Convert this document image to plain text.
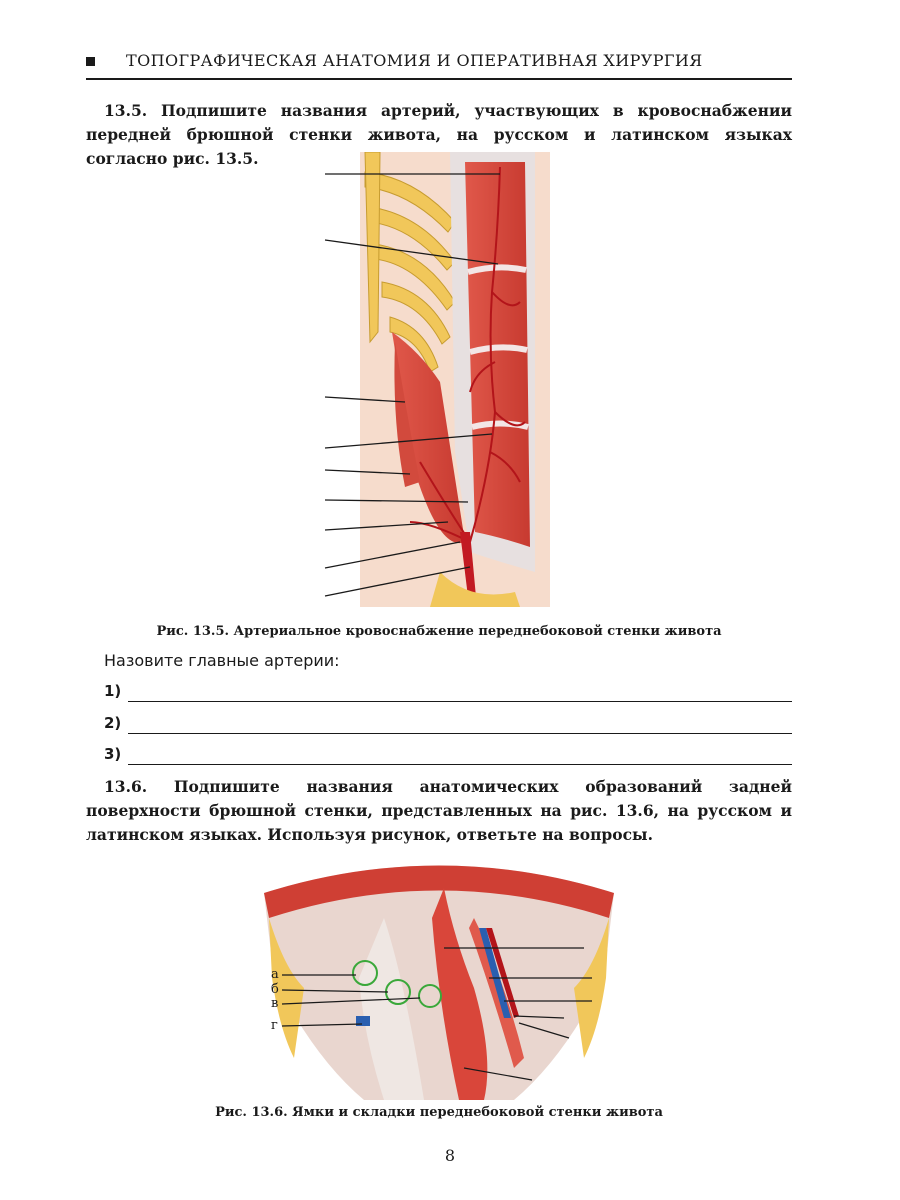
ТОПОГРАФИЧЕСКАЯ АНАТОМИЯ И ОПЕРАТИВНАЯ ХИРУРГИЯ
13.5. Подпишите названия артерий, участвующих в кровоснабжении передней брюшной стенки живота, на русском и латинском языках согласно рис. 13.5.
Рис. 13.5. Артериальное кровоснабжение переднебоковой стенки живота
Назовите главные артерии:
1)
2)
3)
13.6. Подпишите названия анатомических образований задней поверхности брюшной стенки, представленных на рис. 13.6, на русском и латинском языках. Используя рисунок, ответьте на вопросы.
а
б
в
г
Рис. 13.6. Ямки и складки переднебоковой стенки живота
8
